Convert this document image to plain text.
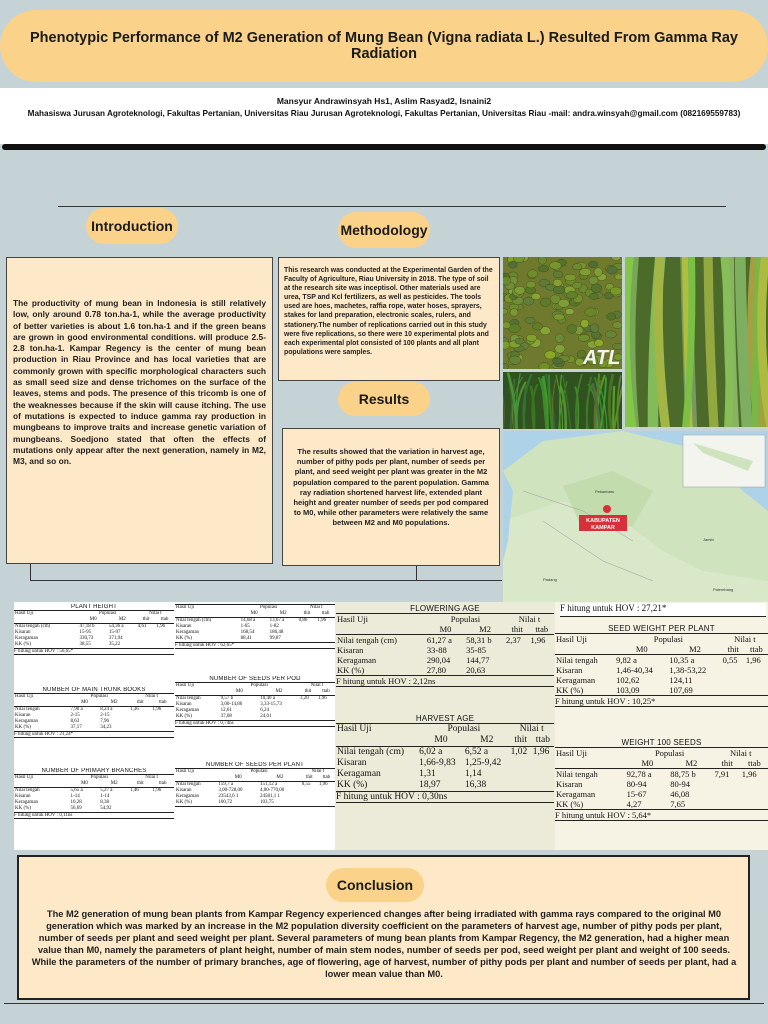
Phenotypic Performance of M2 Generation of Mung Bean (Vigna radiata L.) Resulted From Gamma Ray Radiation
Mansyur Andrawinsyah Hs1, Aslim Rasyad2, Isnaini2
Mahasiswa Jurusan Agroteknologi, Fakultas Pertanian, Universitas Riau Jurusan Agroteknologi, Fakultas Pertanian, Universitas Riau -mail: andra.winsyah@gmail.com (082169559783)
Introduction
The productivity of mung bean in Indonesia is still relatively low, only around 0.78 ton.ha-1, while the average productivity of better varieties is about 1.6 ton.ha-1 and if the green beans are grown in good environmental conditions. will produce 2.5- 2.8 ton.ha-1. Kampar Regency is the center of mung bean production in Riau Province and has local varieties that are commonly grown with specific morphological characters such as small seed size and dense trichomes on the surface of the leaves, stems and pods. The presence of this tricomb is one of the weaknesses because if the skin will cause itching. The use of mutations is expected to induce gamma ray production in mungbeans to improve traits and increase genetic variation of mungbeans. Soedjono stated that often the effects of mutations only appear after the next generation, namely in M2, M3, and so on.
Methodology
This research was conducted at the Experimental Garden of the Faculty of Agriculture, Riau University in 2018. The type of soil at the research site was inceptisol. Other materials used are urea, TSP and Kcl fertilizers, as well as pesticides. The tools used are hoes, machetes, raffia rope, water hoses, sprayers, stakes for land preparation, electronic scales, rulers, and stationery.The number of replications carried out in this study were five replications, so there were 10 experimental plots and each experimental plot consisted of 100 plants and all plant populations were samples.
Results
The results showed that the variation in harvest age, number of pithy pods per plant, number of seeds per plant, and seed weight per plant was greater in the M2 population compared to the parent population. Gamma ray radiation shortened harvest life, extended plant height and greater number of seeds per pod compared to M0, while other parameters were relatively the same between M2 and M0 populations.
ATL
KABUPATEN
KAMPAR
Pekanbaru
Padang
Jambi
Palembang
PLANT HEIGHT
Hasil Uji	Populasi		Nilai t	
	M0	M2	thit	ttab
Nilai tengah (cm)	47,18 b	54,36 a	4,61	1,96
Kisaran	15-95	15-97		
Keragaman	330,73	371,94		
KK (%)	38,55	35,22		
F hitung untuk HOV : 56,65*
NUMBER OF MAIN TRUNK BOOKS
Hasil Uji	Populasi		Nilai t	
	M0	M2	thit	ttab
Nilai tengah	7,90 a	8,24 a	1,36	1,96
Kisaran	2-15	2-15		
Keragaman	8,63	7,96		
KK (%)	37,17	34,23		
F hitung untuk HOV : 21,24*
NUMBER OF PRIMARY BRANCHES
Hasil Uji	Populasi		Nilai t	
	M0	M2	thit	ttab
Nilai tengah	5,65 a	5,27 a	1,46	1,96
Kisaran	1-14	1-14		
Keragaman	10,28	8,38		
KK (%)	56,69	54,92		
F hitung untuk HOV : 0,11ns
Hasil Uji	Populasi		Nilai t	
	M0	M2	thit	ttab
Nilai tengah (cm)	14,68 a	13,67 a	0,86	1,96
Kisaran	1-65	1-82		
Keragaman	168,54	186,48		
KK (%)	88,41	99,87		
F hitung untuk HOV : 62,65*
NUMBER OF SEEDS PER POD
Hasil Uji	Populasi		Nilai t	
	M0	M2	thit	ttab
Nilai tengah	9,57 b	10,40 a	3,20	1,96
Kisaran	3,00-14,86	3,33-15,73		
Keragaman	12,61	6,24		
KK (%)	37,08	24,01		
F hitung untuk HOV : 0,74ns
NUMBER OF SEEDS PER PLANT
Hasil Uji	Populasi		Nilai t	
	M0	M2	thit	ttab
Nilai tengah	159,7 a	151,12 a	0,55	1,96
Kisaran	3,00-728,00	4,00-770,00		
Keragaman	23543,6 1	24581,1 1		
KK (%)	100,72	103,75		
FLOWERING AGE
Hasil Uji	Populasi		Nilai t	
	M0	M2	thit	ttab
Nilai tengah (cm)	61,27 a	58,31 b	2,37	1,96
Kisaran	33-88	35-85		
Keragaman	290,04	144,77		
KK (%)	27,80	20,63		
F hitung untuk HOV : 2,12ns
HARVEST AGE
Hasil Uji	Populasi		Nilai t	
	M0	M2	thit	ttab
Nilai tengah (cm)	6,02 a	6,52 a	1,02	1,96
Kisaran	1,66-9,83	1,25-9,42		
Keragaman	1,31	1,14		
KK (%)	18,97	16,38		
F hitung untuk HOV : 0,30ns
SEED WEIGHT PER PLANT
Hasil Uji	Populasi		Nilai t	
	M0	M2	thit	ttab
Nilai tengah	9,82 a	10,35 a	0,55	1,96
Kisaran	1,46-40,34	1,38-53,22		
Keragaman	102,62	124,11		
KK (%)	103,09	107,69		
F hitung untuk HOV : 10,25*
WEIGHT 100 SEEDS
Hasil Uji	Populasi		Nilai t	
	M0	M2	thit	ttab
Nilai tengah	92,78 a	88,75 b	7,91	1,96
Kisaran	80-94	80-94		
Keragaman	15-67	46,08		
KK (%)	4,27	7,65		
F hitung untuk HOV : 5,64*
F hitung untuk HOV : 27,21*
Conclusion
The M2 generation of mung bean plants from Kampar Regency experienced changes after being irradiated with gamma rays compared to the original M0 generation which was marked by an increase in the M2 population diversity coefficient on the parameters of harvest age, number of pithy pods per plant, number of seeds per plant and seed weight per plant. Several parameters of mung bean plants from Kampar Regency, the M2 generation, had a higher mean value than M0, namely the parameters of plant height, number of main stem nodes, number of seeds per pod, seed weight per plant and weight of 100 seeds. While the parameters of the number of primary branches, age of flowering, age of harvest, number of pithy pods per plant and number of seeds per plant, had a lower mean value than M0.
